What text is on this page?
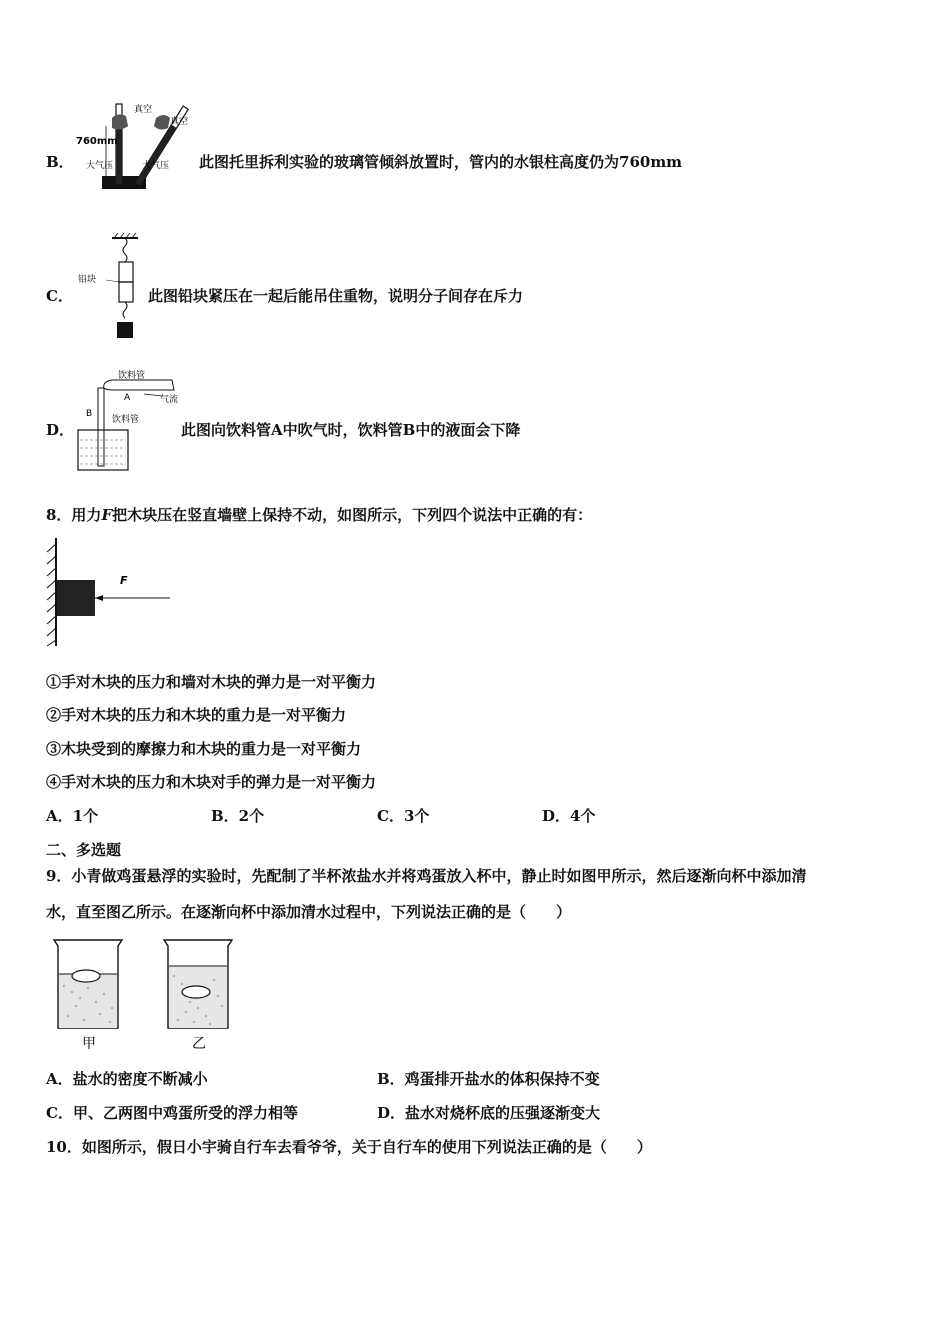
B．
真空
真空
760mm
大气压	大气压 此图托里拆利实验的玻璃管倾斜放置时，管内的水银柱高度仍为760mm
C．
铅块
此图铅块紧压在一起后能吊住重物，说明分子间存在斥力
D．
饮料管
A	气流
B
饮料管
此图向饮料管A中吹气时，饮料管B中的液面会下降
8．用力F把木块压在竖直墙壁上保持不动，如图所示，下列四个说法中正确的有：
F
①手对木块的压力和墙对木块的弹力是一对平衡力
②手对木块的压力和木块的重力是一对平衡力
③木块受到的摩擦力和木块的重力是一对平衡力
④手对木块的压力和木块对手的弹力是一对平衡力
A．1个	B．2个	C．3个	D．4个
二、多选题
9．小青做鸡蛋悬浮的实验时，先配制了半杯浓盐水并将鸡蛋放入杯中，静止时如图甲所示，然后逐渐向杯中添加清
水，直至图乙所示。在逐渐向杯中添加清水过程中，下列说法正确的是（　　）
甲	乙
A．盐水的密度不断减小	B．鸡蛋排开盐水的体积保持不变
C．甲、乙两图中鸡蛋所受的浮力相等	D．盐水对烧杯底的压强逐渐变大
10．如图所示，假日小宇骑自行车去看爷爷，关于自行车的使用下列说法正确的是（　　）
